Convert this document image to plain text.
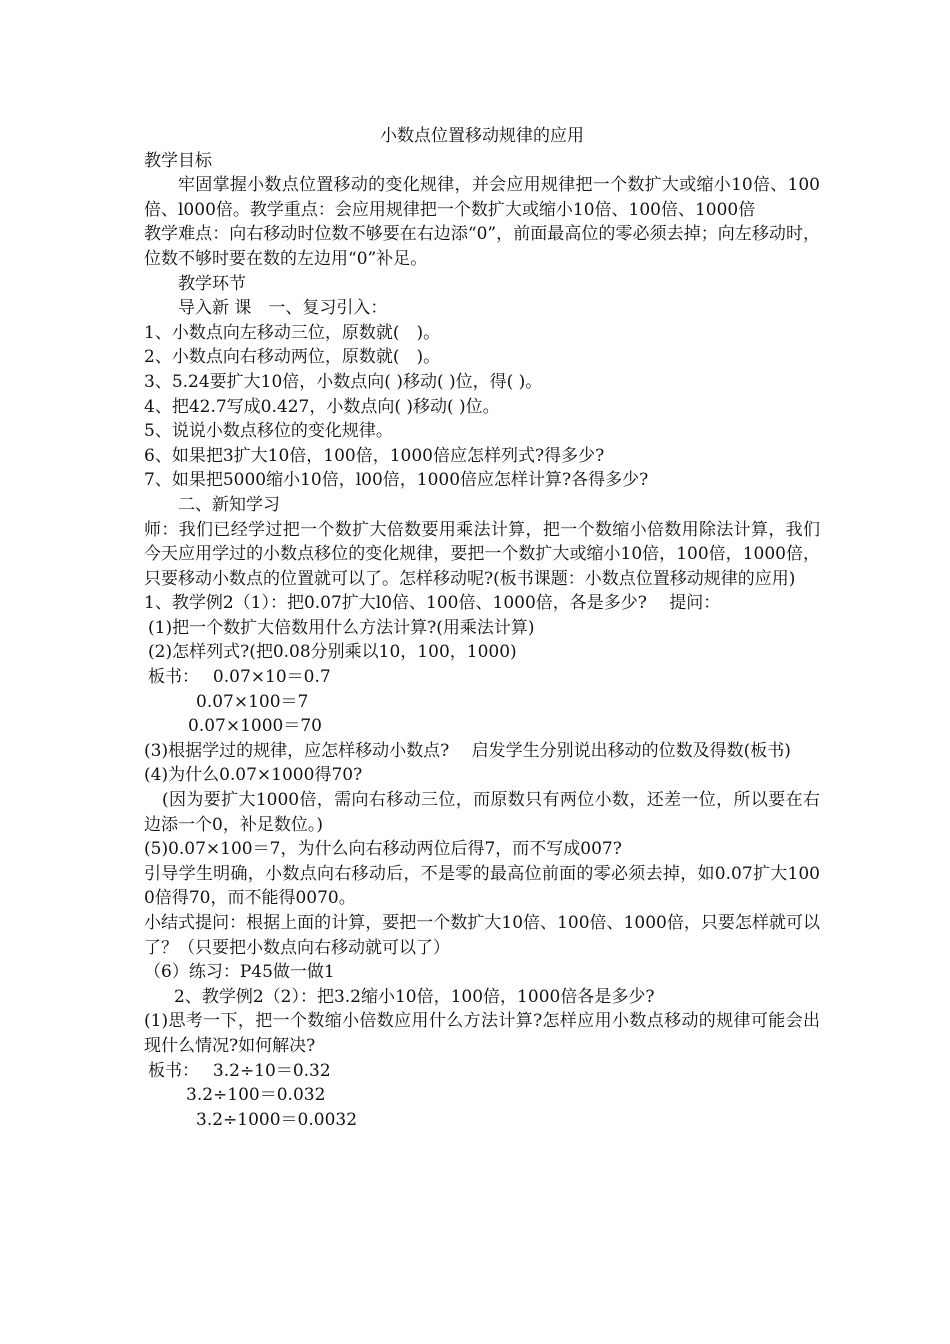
小数点位置移动规律的应用

教学目标

牢固掌握小数点位置移动的变化规律，并会应用规律把一个数扩大或缩小10倍、100倍、l000倍。教学重点：会应用规律把一个数扩大或缩小10倍、100倍、1000倍

教学难点：向右移动时位数不够要在右边添“0”，前面最高位的零必须去掉；向左移动时，位数不够时要在数的左边用“0”补足。

教学环节

导入新 课　一、复习引入：

1、小数点向左移动三位，原数就(　)。

2、小数点向右移动两位，原数就(　)。

3、5.24要扩大10倍，小数点向( )移动( )位，得( )。

4、把42.7写成0.427，小数点向( )移动( )位。

5、说说小数点移位的变化规律。

6、如果把3扩大10倍，100倍，1000倍应怎样列式?得多少?

7、如果把5000缩小10倍，l00倍，1000倍应怎样计算?各得多少?

二、新知学习

师：我们已经学过把一个数扩大倍数要用乘法计算，把一个数缩小倍数用除法计算，我们今天应用学过的小数点移位的变化规律，要把一个数扩大或缩小10倍，100倍，1000倍，只要移动小数点的位置就可以了。怎样移动呢?(板书课题：小数点位置移动规律的应用)

1、教学例2（1）：把0.07扩大l0倍、100倍、1000倍，各是多少?　 提问：

(1)把一个数扩大倍数用什么方法计算?(用乘法计算)

(2)怎样列式?(把0.08分别乘以10，100，1000)

板书：　 0.07×10＝0.7

0.07×100＝7

0.07×1000＝70

(3)根据学过的规律，应怎样移动小数点?　 启发学生分别说出移动的位数及得数(板书)

(4)为什么0.07×1000得70?

(因为要扩大1000倍，需向右移动三位，而原数只有两位小数，还差一位，所以要在右边添一个0，补足数位。)

(5)0.07×100＝7，为什么向右移动两位后得7，而不写成007?

引导学生明确，小数点向右移动后，不是零的最高位前面的零必须去掉，如0.07扩大1000倍得70，而不能得0070。

小结式提问：根据上面的计算，要把一个数扩大10倍、100倍、1000倍，只要怎样就可以了？（只要把小数点向右移动就可以了）

（6）练习：P45做一做1

2、教学例2（2）：把3.2缩小10倍，100倍，1000倍各是多少?

(1)思考一下，把一个数缩小倍数应用什么方法计算?怎样应用小数点移动的规律可能会出现什么情况?如何解决?

板书：　 3.2÷10＝0.32

3.2÷100＝0.032

3.2÷1000＝0.0032
